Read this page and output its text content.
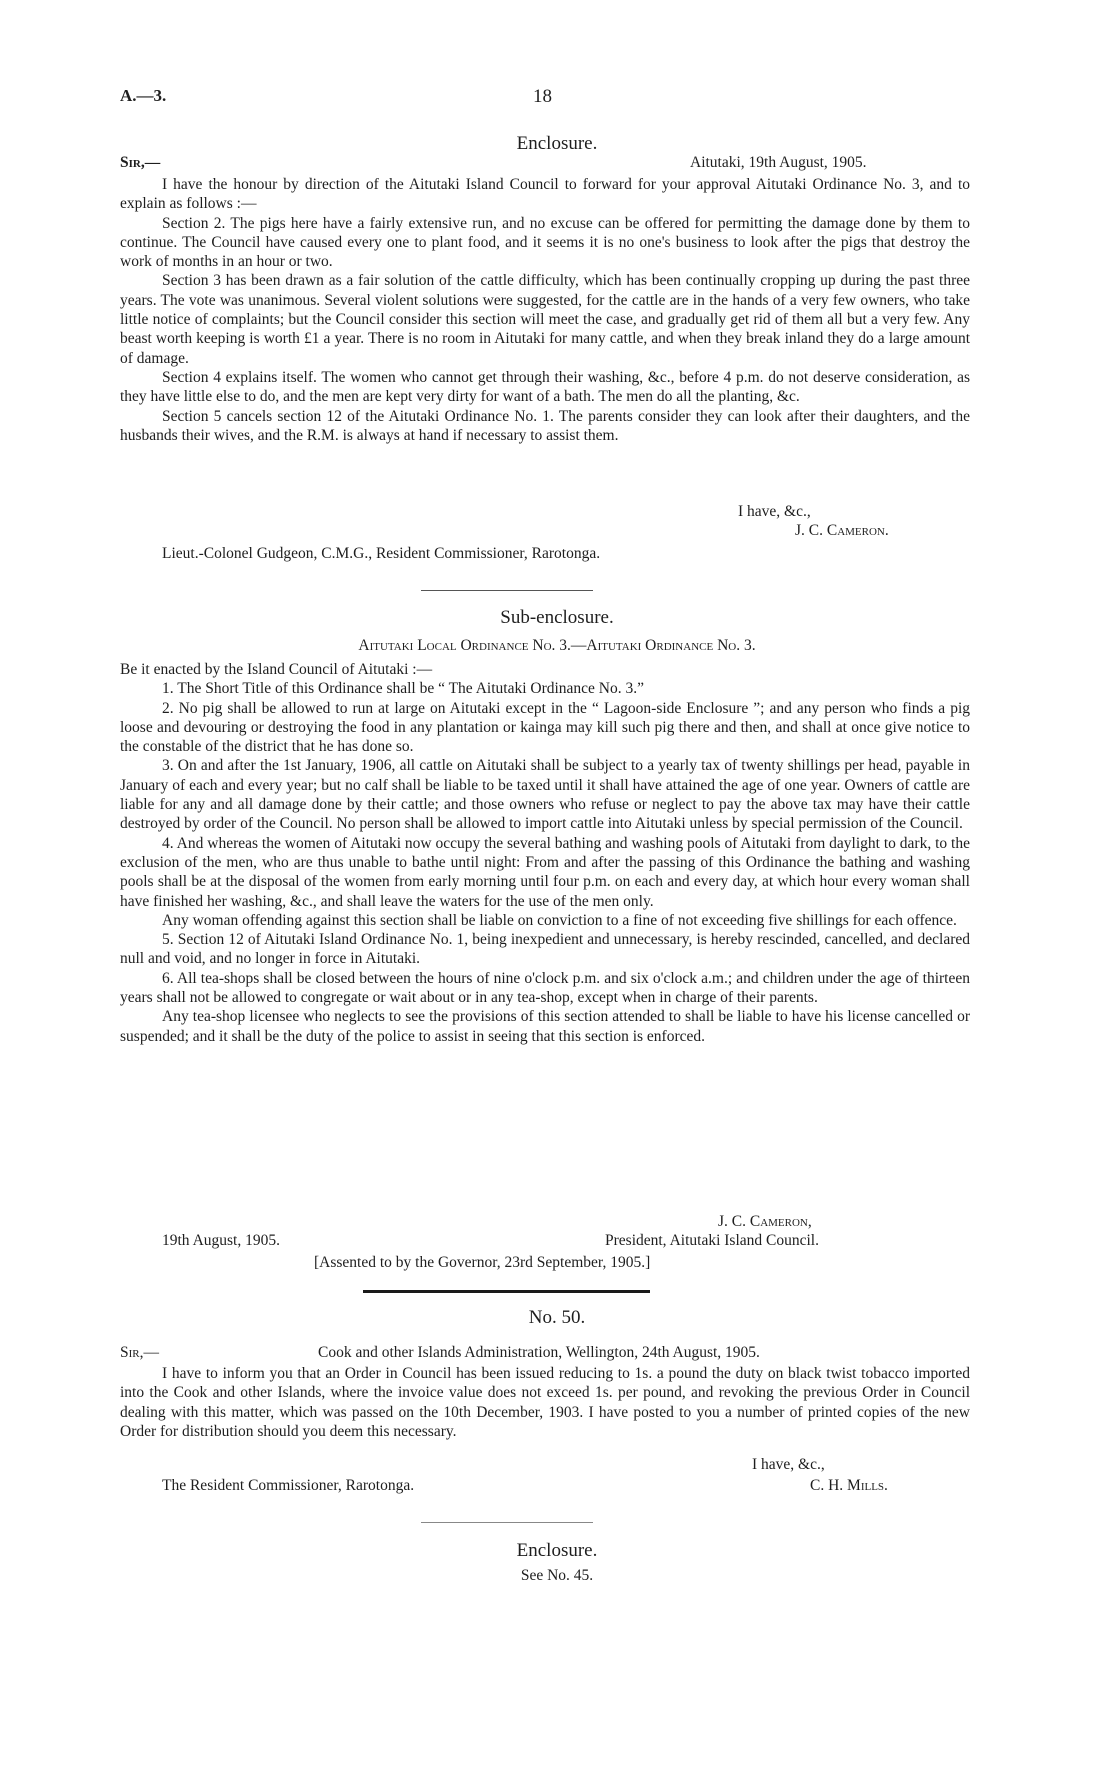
A.—3.	18
Enclosure.
Sir,—	Aitutaki, 19th August, 1905.
I have the honour by direction of the Aitutaki Island Council to forward for your approval Aitutaki Ordinance No. 3, and to explain as follows :—
Section 2. The pigs here have a fairly extensive run, and no excuse can be offered for permitting the damage done by them to continue. The Council have caused every one to plant food, and it seems it is no one's business to look after the pigs that destroy the work of months in an hour or two.
Section 3 has been drawn as a fair solution of the cattle difficulty, which has been continually cropping up during the past three years. The vote was unanimous. Several violent solutions were suggested, for the cattle are in the hands of a very few owners, who take little notice of complaints; but the Council consider this section will meet the case, and gradually get rid of them all but a very few. Any beast worth keeping is worth £1 a year. There is no room in Aitutaki for many cattle, and when they break inland they do a large amount of damage.
Section 4 explains itself. The women who cannot get through their washing, &c., before 4 p.m. do not deserve consideration, as they have little else to do, and the men are kept very dirty for want of a bath. The men do all the planting, &c.
Section 5 cancels section 12 of the Aitutaki Ordinance No. 1. The parents consider they can look after their daughters, and the husbands their wives, and the R.M. is always at hand if necessary to assist them.
I have, &c.,
J. C. Cameron.
Lieut.-Colonel Gudgeon, C.M.G., Resident Commissioner, Rarotonga.
Sub-enclosure.
Aitutaki Local Ordinance No. 3.—Aitutaki Ordinance No. 3.
Be it enacted by the Island Council of Aitutaki :—
1. The Short Title of this Ordinance shall be “ The Aitutaki Ordinance No. 3.”
2. No pig shall be allowed to run at large on Aitutaki except in the “ Lagoon-side Enclosure ”; and any person who finds a pig loose and devouring or destroying the food in any plantation or kainga may kill such pig there and then, and shall at once give notice to the constable of the district that he has done so.
3. On and after the 1st January, 1906, all cattle on Aitutaki shall be subject to a yearly tax of twenty shillings per head, payable in January of each and every year; but no calf shall be liable to be taxed until it shall have attained the age of one year. Owners of cattle are liable for any and all damage done by their cattle; and those owners who refuse or neglect to pay the above tax may have their cattle destroyed by order of the Council. No person shall be allowed to import cattle into Aitutaki unless by special permission of the Council.
4. And whereas the women of Aitutaki now occupy the several bathing and washing pools of Aitutaki from daylight to dark, to the exclusion of the men, who are thus unable to bathe until night: From and after the passing of this Ordinance the bathing and washing pools shall be at the disposal of the women from early morning until four p.m. on each and every day, at which hour every woman shall have finished her washing, &c., and shall leave the waters for the use of the men only.
Any woman offending against this section shall be liable on conviction to a fine of not exceeding five shillings for each offence.
5. Section 12 of Aitutaki Island Ordinance No. 1, being inexpedient and unnecessary, is hereby rescinded, cancelled, and declared null and void, and no longer in force in Aitutaki.
6. All tea-shops shall be closed between the hours of nine o'clock p.m. and six o'clock a.m.; and children under the age of thirteen years shall not be allowed to congregate or wait about or in any tea-shop, except when in charge of their parents.
Any tea-shop licensee who neglects to see the provisions of this section attended to shall be liable to have his license cancelled or suspended; and it shall be the duty of the police to assist in seeing that this section is enforced.
J. C. Cameron,
19th August, 1905.	President, Aitutaki Island Council.
[Assented to by the Governor, 23rd September, 1905.]
No. 50.
Sir,—	Cook and other Islands Administration, Wellington, 24th August, 1905.
I have to inform you that an Order in Council has been issued reducing to 1s. a pound the duty on black twist tobacco imported into the Cook and other Islands, where the invoice value does not exceed 1s. per pound, and revoking the previous Order in Council dealing with this matter, which was passed on the 10th December, 1903. I have posted to you a number of printed copies of the new Order for distribution should you deem this necessary.
I have, &c.,
The Resident Commissioner, Rarotonga.	C. H. Mills.
Enclosure.
See No. 45.
